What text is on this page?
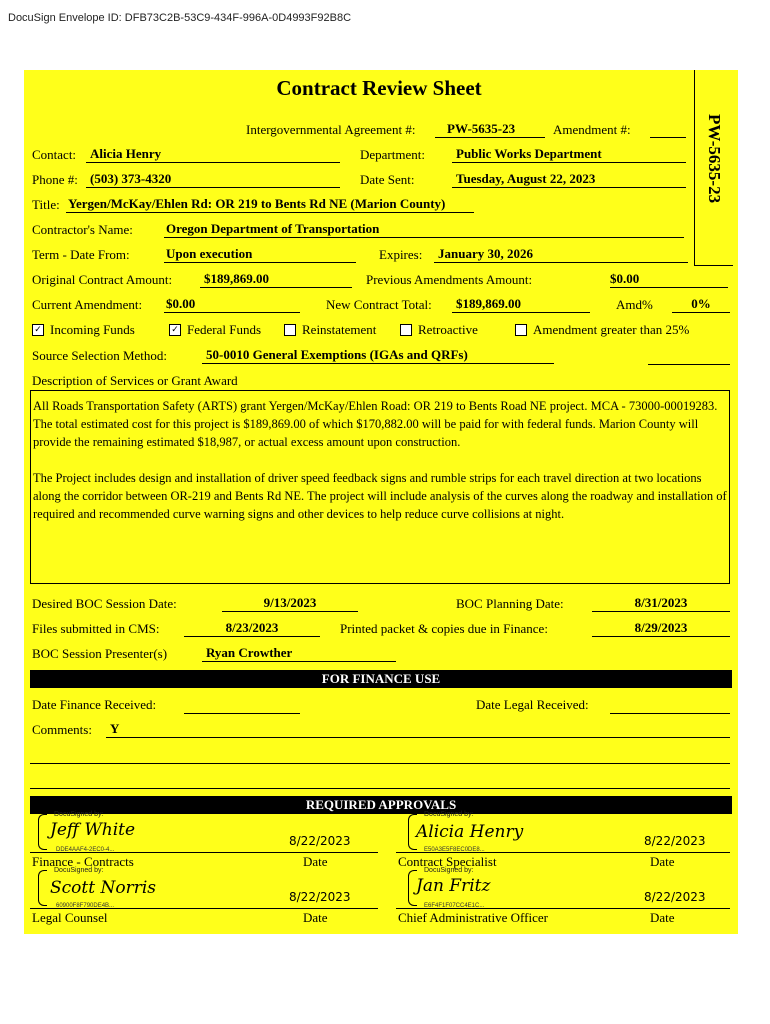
DocuSign Envelope ID: DFB73C2B-53C9-434F-996A-0D4993F92B8C
Contract Review Sheet
PW-5635-23
Intergovernmental Agreement #:	PW-5635-23	Amendment #:
Contact:	Alicia Henry	Department:	Public Works Department
Phone #: (503) 373-4320	Date Sent:	Tuesday, August 22, 2023
Title: Yergen/McKay/Ehlen Rd: OR 219 to Bents Rd NE (Marion County)
Contractor's Name:	Oregon Department of Transportation
Term - Date From:	Upon execution	Expires:	January 30, 2026
Original Contract Amount:	$189,869.00	Previous Amendments Amount:	$0.00
Current Amendment: $0.00	New Contract Total:	$189,869.00	Amd%	0%
✓ Incoming Funds	✓ Federal Funds	Reinstatement	Retroactive	Amendment greater than 25%
Source Selection Method:	50-0010 General Exemptions (IGAs and QRFs)
Description of Services or Grant Award

All Roads Transportation Safety (ARTS) grant Yergen/McKay/Ehlen Road: OR 219 to Bents Road NE project. MCA - 73000-00019283. The total estimated cost for this project is $189,869.00 of which $170,882.00 will be paid for with federal funds. Marion County will provide the remaining estimated $18,987, or actual excess amount upon construction.

The Project includes design and installation of driver speed feedback signs and rumble strips for each travel direction at two locations along the corridor between OR-219 and Bents Rd NE. The project will include analysis of the curves along the roadway and installation of required and recommended curve warning signs and other devices to help reduce curve collisions at night.

Desired BOC Session Date:	9/13/2023	BOC Planning Date:	8/31/2023
Files submitted in CMS:	8/23/2023	Printed packet & copies due in Finance:	8/29/2023
BOC Session Presenter(s)	Ryan Crowther
FOR FINANCE USE
Date Finance Received:	Date Legal Received:
Comments:	Y
REQUIRED APPROVALS
DocuSigned by:
Jeff White
DDE4AAF4-2EC0-4...
8/22/2023
Finance - Contracts	Date
DocuSigned by:
Alicia Henry
E50A3E5F8EC0DE8...
8/22/2023
Contract Specialist	Date
DocuSigned by:
Scott Norris
60900F8F790DE4B...
8/22/2023
Legal Counsel	Date
DocuSigned by:
Jan Fritz
E6F4F1F07CC4E1C...
8/22/2023
Chief Administrative Officer	Date
